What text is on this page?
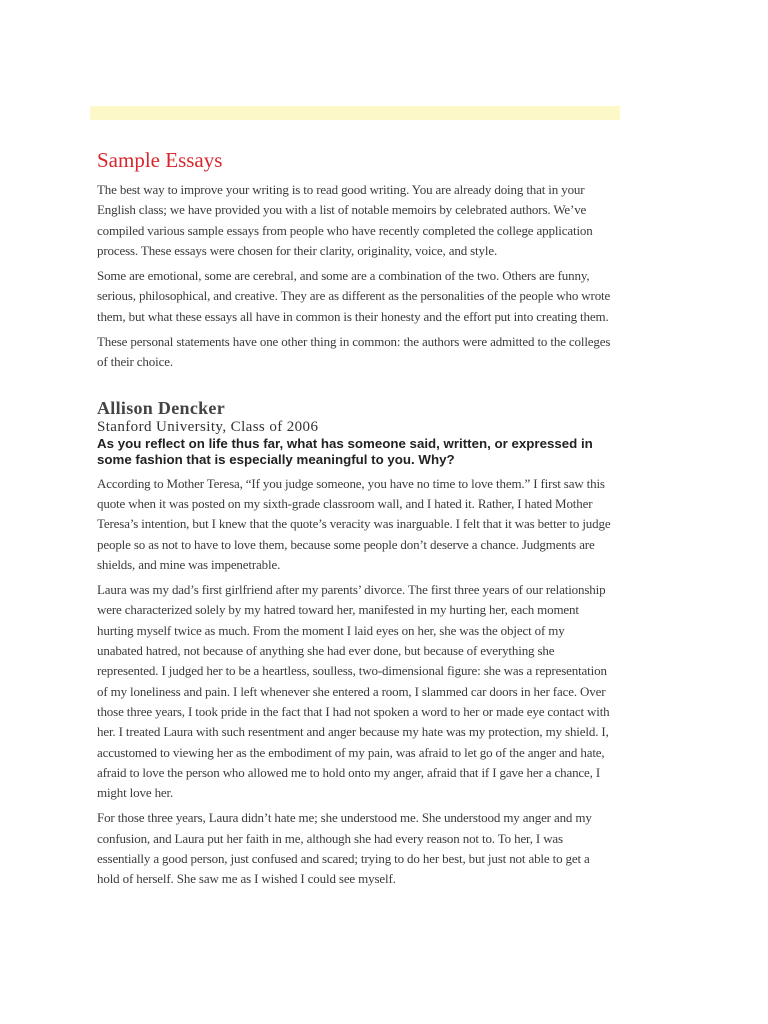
Sample Essays

The best way to improve your writing is to read good writing. You are already doing that in your English class; we have provided you with a list of notable memoirs by celebrated authors. We’ve compiled various sample essays from people who have recently completed the college application process. These essays were chosen for their clarity, originality, voice, and style.

Some are emotional, some are cerebral, and some are a combination of the two. Others are funny, serious, philosophical, and creative. They are as different as the personalities of the people who wrote them, but what these essays all have in common is their honesty and the effort put into creating them.

These personal statements have one other thing in common: the authors were admitted to the colleges of their choice.

Allison Dencker
Stanford University, Class of 2006
As you reflect on life thus far, what has someone said, written, or expressed in some fashion that is especially meaningful to you. Why?

According to Mother Teresa, “If you judge someone, you have no time to love them.” I first saw this quote when it was posted on my sixth-grade classroom wall, and I hated it. Rather, I hated Mother Teresa’s intention, but I knew that the quote’s veracity was inarguable. I felt that it was better to judge people so as not to have to love them, because some people don’t deserve a chance. Judgments are shields, and mine was impenetrable.

Laura was my dad’s first girlfriend after my parents’ divorce. The first three years of our relationship were characterized solely by my hatred toward her, manifested in my hurting her, each moment hurting myself twice as much. From the moment I laid eyes on her, she was the object of my unabated hatred, not because of anything she had ever done, but because of everything she represented. I judged her to be a heartless, soulless, two-dimensional figure: she was a representation of my loneliness and pain. I left whenever she entered a room, I slammed car doors in her face. Over those three years, I took pride in the fact that I had not spoken a word to her or made eye contact with her. I treated Laura with such resentment and anger because my hate was my protection, my shield. I, accustomed to viewing her as the embodiment of my pain, was afraid to let go of the anger and hate, afraid to love the person who allowed me to hold onto my anger, afraid that if I gave her a chance, I might love her.

For those three years, Laura didn’t hate me; she understood me. She understood my anger and my confusion, and Laura put her faith in me, although she had every reason not to. To her, I was essentially a good person, just confused and scared; trying to do her best, but just not able to get a hold of herself. She saw me as I wished I could see myself.
